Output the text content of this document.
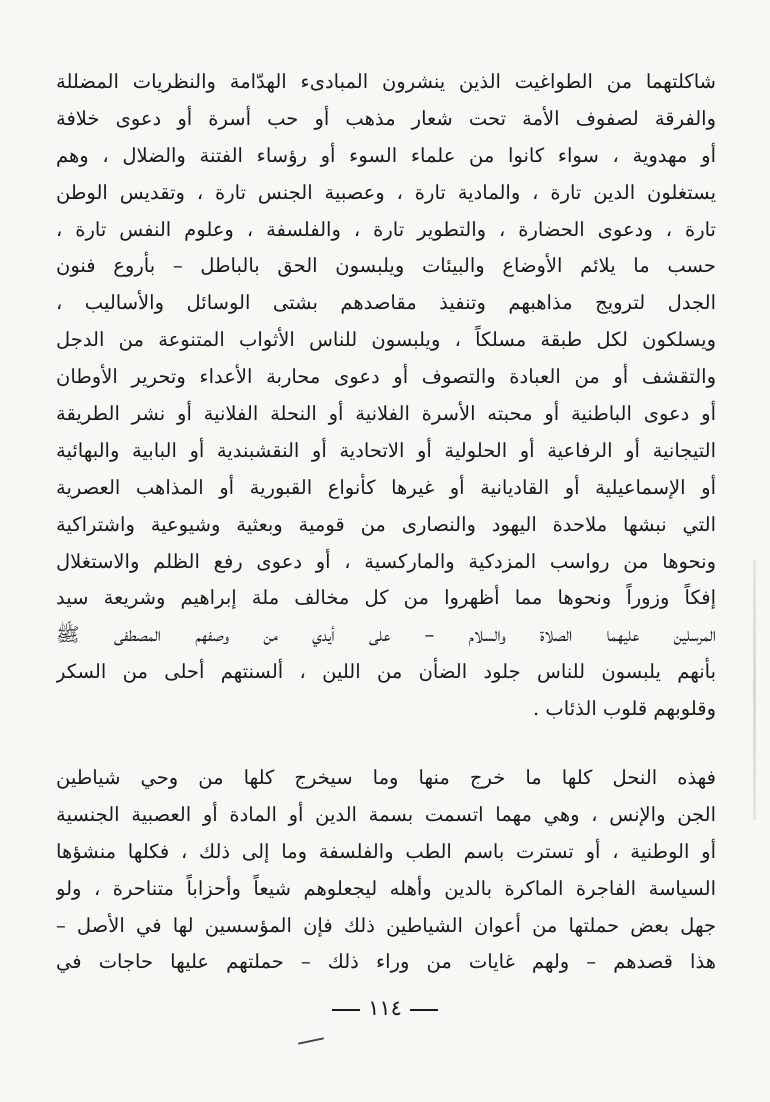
شاكلتهما من الطواغيت الذين ينشرون المبادىء الهدّامة والنظريات المضللة
والفرقة لصفوف الأمة تحت شعار مذهب أو حب أسرة أو دعوى خلافة
أو مهدوية ، سواء كانوا من علماء السوء أو رؤساء الفتنة والضلال ، وهم
يستغلون الدين تارة ، والمادية تارة ، وعصبية الجنس تارة ، وتقديس الوطن
تارة ، ودعوى الحضارة ، والتطوير تارة ، والفلسفة ، وعلوم النفس تارة ،
حسب ما يلائم الأوضاع والبيئات ويلبسون الحق بالباطل – بأروع فنون
الجدل لترويج مذاهبهم وتنفيذ مقاصدهم بشتى الوسائل والأساليب ،
ويسلكون لكل طبقة مسلكاً ، ويلبسون للناس الأثواب المتنوعة من الدجل
والتقشف أو من العبادة والتصوف أو دعوى محاربة الأعداء وتحرير الأوطان
أو دعوى الباطنية أو محبته الأسرة الفلانية أو النحلة الفلانية أو نشر الطريقة
التيجانية أو الرفاعية أو الحلولية أو الاتحادية أو النقشبندية أو البابية والبهائية
أو الإسماعيلية أو القاديانية أو غيرها كأنواع القبورية أو المذاهب العصرية
التي نبشها ملاحدة اليهود والنصارى من قومية وبعثية وشيوعية واشتراكية
ونحوها من رواسب المزدكية والماركسية ، أو دعوى رفع الظلم والاستغلال
إفكاً وزوراً ونحوها مما أظهروا من كل مخالف ملة إبراهيم وشريعة سيد
المرسلين عليهما الصلاة والسلام – على أيدي من وصفهم المصطفى ﷺ
بأنهم يلبسون للناس جلود الضأن من اللين ، ألسنتهم أحلى من السكر
وقلوبهم قلوب الذئاب .
فهذه النحل كلها ما خرج منها وما سيخرج كلها من وحي شياطين
الجن والإنس ، وهي مهما اتسمت بسمة الدين أو المادة أو العصبية الجنسية
أو الوطنية ، أو تسترت باسم الطب والفلسفة وما إلى ذلك ، فكلها منشؤها
السياسة الفاجرة الماكرة بالدين وأهله ليجعلوهم شيعاً وأحزاباً متناحرة ، ولو
جهل بعض حملتها من أعوان الشياطين ذلك فإن المؤسسين لها في الأصل –
هذا قصدهم – ولهم غايات من وراء ذلك – حملتهم عليها حاجات في
١١٤
